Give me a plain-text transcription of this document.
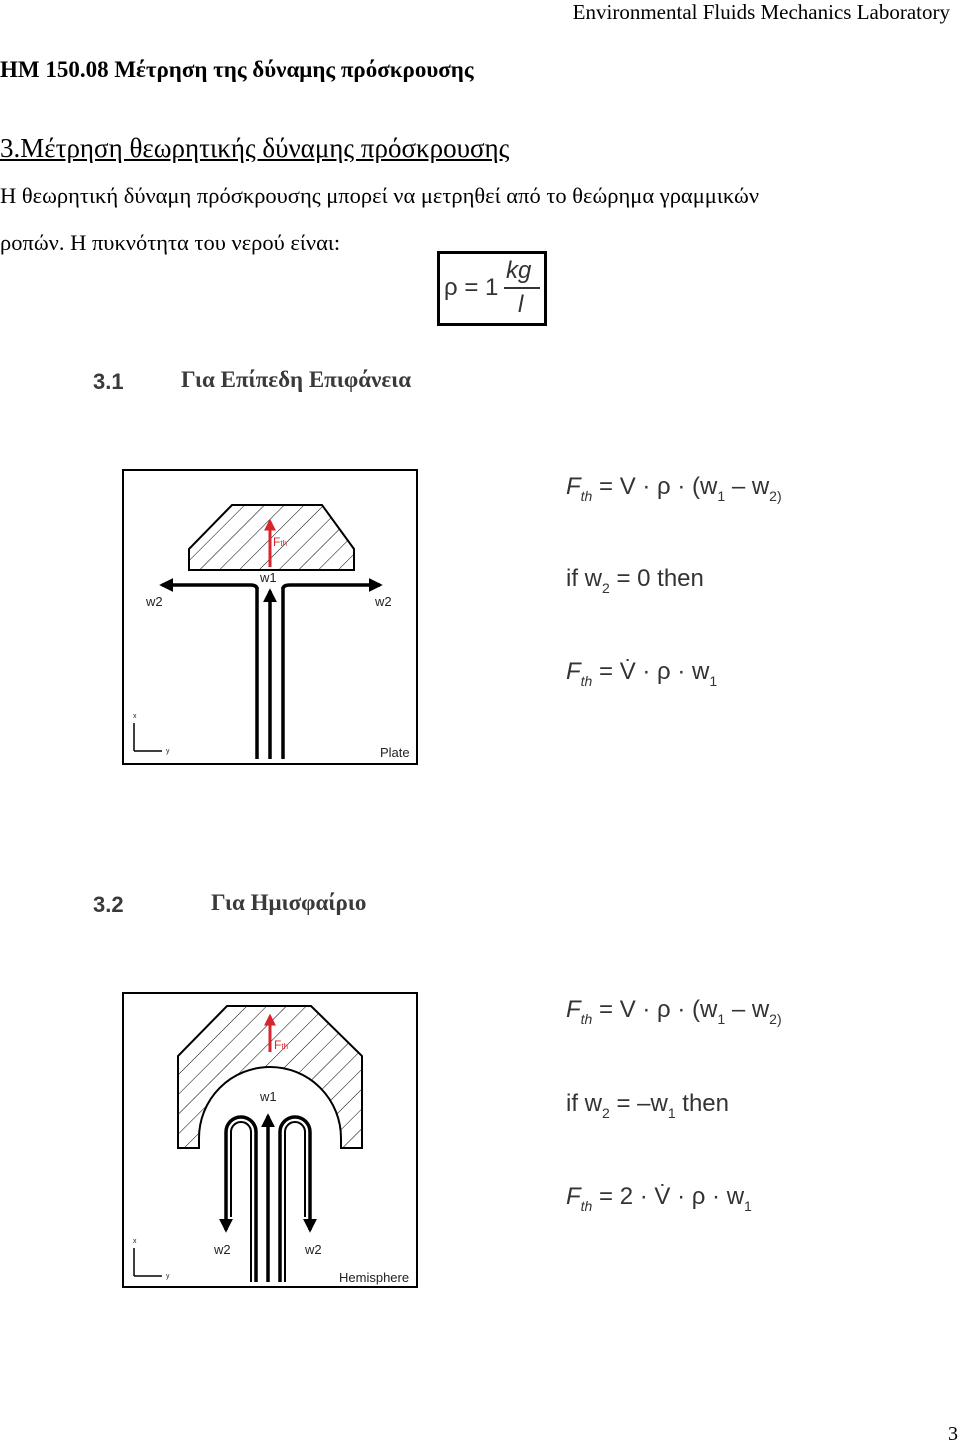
Environmental Fluids Mechanics Laboratory
HM 150.08 Μέτρηση της δύναμης πρόσκρουσης
3.Μέτρηση θεωρητικής δύναμης πρόσκρουσης
Η θεωρητική δύναμη πρόσκρουσης μπορεί να μετρηθεί από το θεώρημα γραμμικών
ροπών. Η πυκνότητα του νερού είναι:
ρ = 1
kg
l
3.1 Για Επίπεδη Επιφάνεια
Fth
w1
w2	w2
x
y	Plate
$F_{th} = V \cdot \rho \cdot (w_1 - w_{2)}$
if $w_2 = 0$ then
$F_{th}$ = V̇ · $\rho \cdot w_1$
3.2	Για Ημισφαίριο
Fth
w1
w2	w2
x
y	Hemisphere
$F_{th} = V \cdot \rho \cdot (w_1 - w_{2)}$
if $w_2 = -w_1$ then
$F_{th} = 2$ · V̇ · $\rho \cdot w_1$
3
